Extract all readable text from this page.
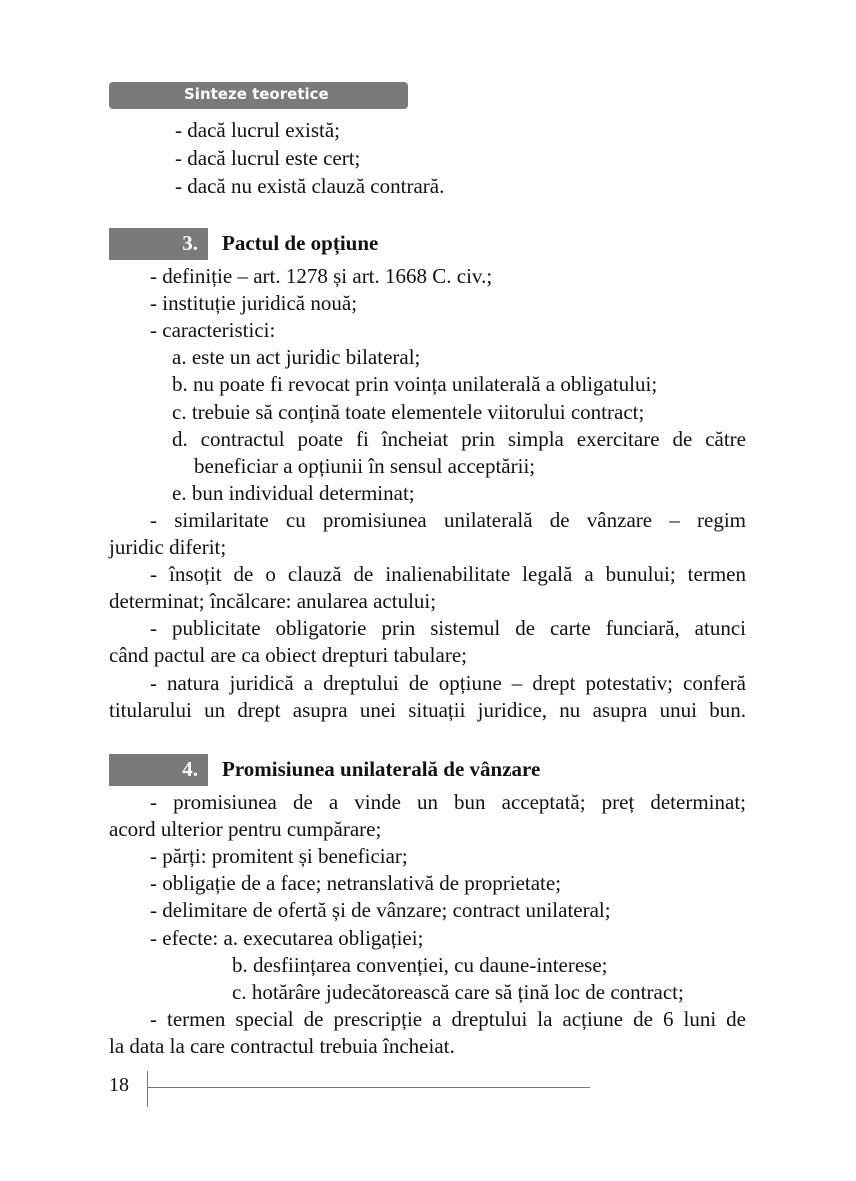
Sinteze teoretice
- dacă lucrul există;
- dacă lucrul este cert;
- dacă nu există clauză contrară.
3. Pactul de opțiune
- definiție – art. 1278 și art. 1668 C. civ.;
- instituție juridică nouă;
- caracteristici:
a. este un act juridic bilateral;
b. nu poate fi revocat prin voința unilaterală a obligatului;
c. trebuie să conțină toate elementele viitorului contract;
d. contractul poate fi încheiat prin simpla exercitare de către
beneficiar a opțiunii în sensul acceptării;
e. bun individual determinat;
- similaritate cu promisiunea unilaterală de vânzare – regim
juridic diferit;
- însoțit de o clauză de inalienabilitate legală a bunului; termen
determinat; încălcare: anularea actului;
- publicitate obligatorie prin sistemul de carte funciară, atunci
când pactul are ca obiect drepturi tabulare;
- natura juridică a dreptului de opțiune – drept potestativ; conferă
titularului un drept asupra unei situații juridice, nu asupra unui bun.
4. Promisiunea unilaterală de vânzare
- promisiunea de a vinde un bun acceptată; preț determinat;
acord ulterior pentru cumpărare;
- părți: promitent și beneficiar;
- obligație de a face; netranslativă de proprietate;
- delimitare de ofertă și de vânzare; contract unilateral;
- efecte: a. executarea obligației;
b. desființarea convenției, cu daune-interese;
c. hotărâre judecătorească care să țină loc de contract;
- termen special de prescripție a dreptului la acțiune de 6 luni de
la data la care contractul trebuia încheiat.
18
